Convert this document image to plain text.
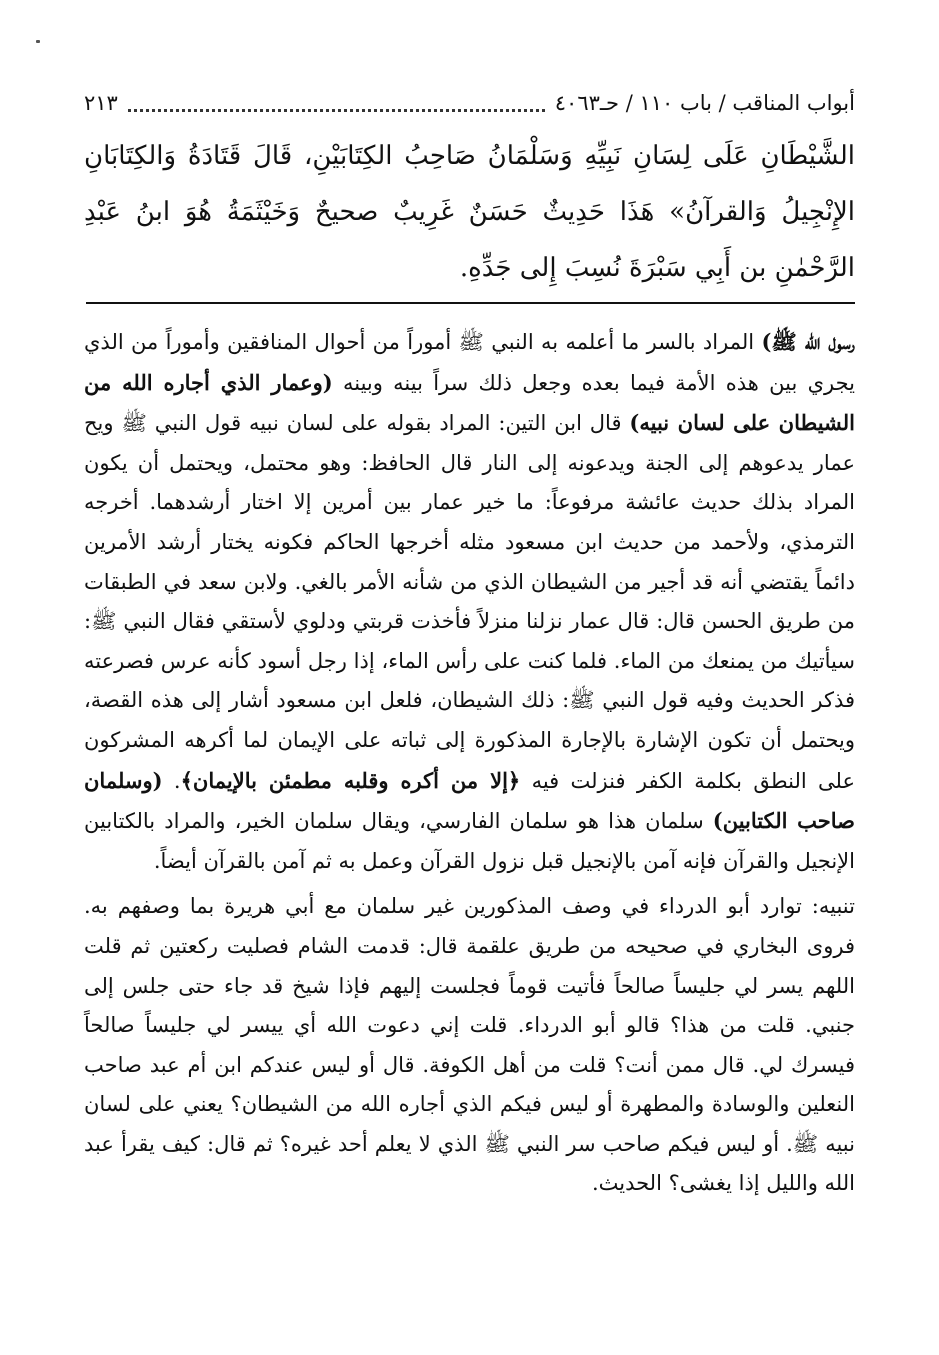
٢١٣	أبواب المناقب / باب ١١٠ / حـ٤٠٦٣

الشَّيْطَانِ عَلَى لِسَانِ نَبِيِّهِ وَسَلْمَانُ صَاحِبُ الكِتَابَيْنِ، قَالَ قَتَادَةُ وَالكِتَابَانِ الإِنْجِيلُ وَالقرآنُ» هَذَا حَدِيثٌ حَسَنٌ غَرِيبٌ صحيحٌ وَخَيْثَمَةُ هُوَ ابنُ عَبْدِ الرَّحْمٰنِ بن أَبِي سَبْرَةَ نُسِبَ إِلى جَدِّهِ.

رسول الله ﷺ) المراد بالسر ما أعلمه به النبي ﷺ أموراً من أحوال المنافقين وأموراً من الذي يجري بين هذه الأمة فيما بعده وجعل ذلك سراً بينه وبينه (وعمار الذي أجاره الله من الشيطان على لسان نبيه) قال ابن التين: المراد بقوله على لسان نبيه قول النبي ﷺ ويح عمار يدعوهم إلى الجنة ويدعونه إلى النار قال الحافظ: وهو محتمل، ويحتمل أن يكون المراد بذلك حديث عائشة مرفوعاً: ما خير عمار بين أمرين إلا اختار أرشدهما. أخرجه الترمذي، ولأحمد من حديث ابن مسعود مثله أخرجها الحاكم فكونه يختار أرشد الأمرين دائماً يقتضي أنه قد أجير من الشيطان الذي من شأنه الأمر بالغي. ولابن سعد في الطبقات من طريق الحسن قال: قال عمار نزلنا منزلاً فأخذت قربتي ودلوي لأستقي فقال النبي ﷺ: سيأتيك من يمنعك من الماء. فلما كنت على رأس الماء، إذا رجل أسود كأنه عرس فصرعته فذكر الحديث وفيه قول النبي ﷺ: ذلك الشيطان، فلعل ابن مسعود أشار إلى هذه القصة، ويحتمل أن تكون الإشارة بالإجارة المذكورة إلى ثباته على الإيمان لما أكرهه المشركون على النطق بكلمة الكفر فنزلت فيه ﴿إلا من أكره وقلبه مطمئن بالإيمان﴾. (وسلمان صاحب الكتابين) سلمان هذا هو سلمان الفارسي، ويقال سلمان الخير، والمراد بالكتابين الإنجيل والقرآن فإنه آمن بالإنجيل قبل نزول القرآن وعمل به ثم آمن بالقرآن أيضاً.

تنبيه: توارد أبو الدرداء في وصف المذكورين غير سلمان مع أبي هريرة بما وصفهم به. فروى البخاري في صحيحه من طريق علقمة قال: قدمت الشام فصليت ركعتين ثم قلت اللهم يسر لي جليساً صالحاً فأتيت قوماً فجلست إليهم فإذا شيخ قد جاء حتى جلس إلى جنبي. قلت من هذا؟ قالو أبو الدرداء. قلت إني دعوت الله أي ييسر لي جليساً صالحاً فيسرك لي. قال ممن أنت؟ قلت من أهل الكوفة. قال أو ليس عندكم ابن أم عبد صاحب النعلين والوسادة والمطهرة أو ليس فيكم الذي أجاره الله من الشيطان؟ يعني على لسان نبيه ﷺ. أو ليس فيكم صاحب سر النبي ﷺ الذي لا يعلم أحد غيره؟ ثم قال: كيف يقرأ عبد الله والليل إذا يغشى؟ الحديث.
